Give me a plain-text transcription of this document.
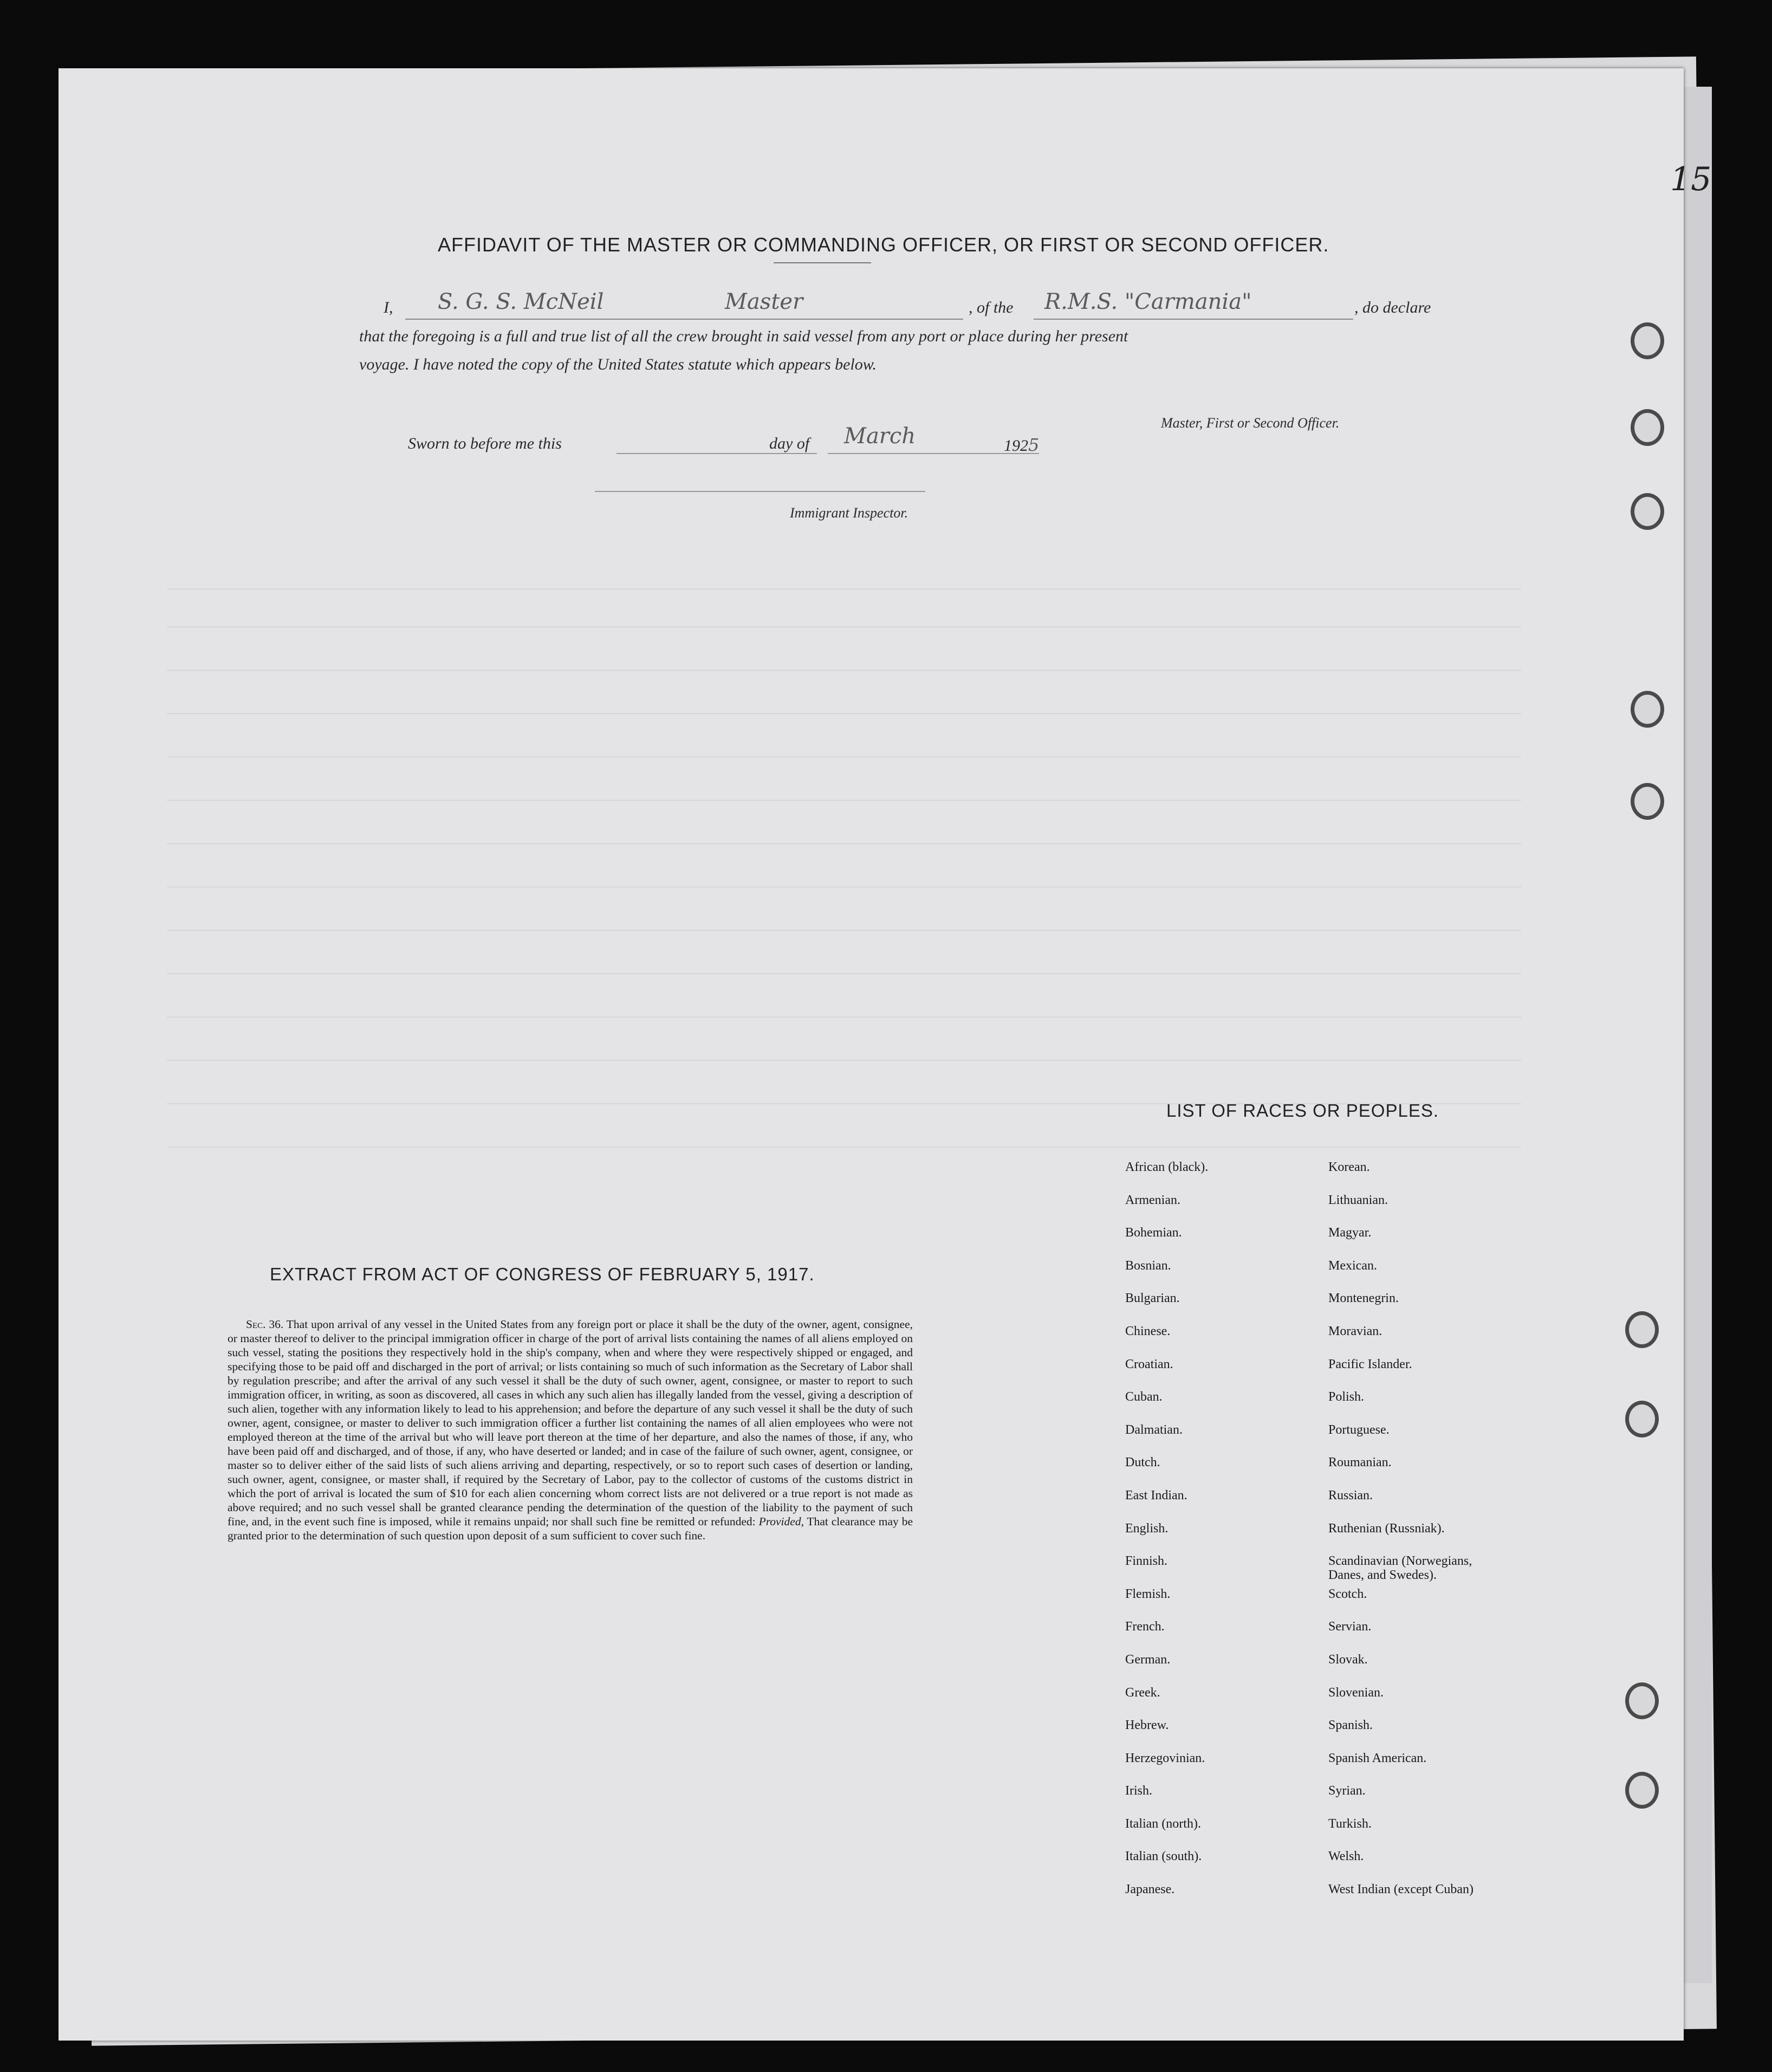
15
AFFIDAVIT OF THE MASTER OR COMMANDING OFFICER, OR FIRST OR SECOND OFFICER.
I,	S. G. S. McNeil	Master	, of the R.M.S. "Carmania"	, do declare
that the foregoing is a full and true list of all the crew brought in said vessel from any port or place during her present
voyage. I have noted the copy of the United States statute which appears below.
Master, First or Second Officer.
Sworn to before me this	day of March	1925
Immigrant Inspector.
EXTRACT FROM ACT OF CONGRESS OF FEBRUARY 5, 1917.
Sec. 36. That upon arrival of any vessel in the United States from any foreign port or place it shall be the duty of the owner, agent, consignee, or master thereof to deliver to the principal immigration officer in charge of the port of arrival lists containing the names of all aliens employed on such vessel, stating the positions they respectively hold in the ship's company, when and where they were respectively shipped or engaged, and specifying those to be paid off and discharged in the port of arrival; or lists containing so much of such information as the Secretary of Labor shall by regulation prescribe; and after the arrival of any such vessel it shall be the duty of such owner, agent, consignee, or master to report to such immigration officer, in writing, as soon as discovered, all cases in which any such alien has illegally landed from the vessel, giving a description of such alien, together with any information likely to lead to his apprehension; and before the departure of any such vessel it shall be the duty of such owner, agent, consignee, or master to deliver to such immigration officer a further list containing the names of all alien employees who were not employed thereon at the time of the arrival but who will leave port thereon at the time of her departure, and also the names of those, if any, who have been paid off and discharged, and of those, if any, who have deserted or landed; and in case of the failure of such owner, agent, consignee, or master so to deliver either of the said lists of such aliens arriving and departing, respectively, or so to report such cases of desertion or landing, such owner, agent, consignee, or master shall, if required by the Secretary of Labor, pay to the collector of customs of the customs district in which the port of arrival is located the sum of $10 for each alien concerning whom correct lists are not delivered or a true report is not made as above required; and no such vessel shall be granted clearance pending the determination of the question of the liability to the payment of such fine, and, in the event such fine is imposed, while it remains unpaid; nor shall such fine be remitted or refunded: Provided, That clearance may be granted prior to the determination of such question upon deposit of a sum sufficient to cover such fine.
LIST OF RACES OR PEOPLES.
African (black).
Armenian.
Bohemian.
Bosnian.
Bulgarian.
Chinese.
Croatian.
Cuban.
Dalmatian.
Dutch.
East Indian.
English.
Finnish.
Flemish.
French.
German.
Greek.
Hebrew.
Herzegovinian.
Irish.
Italian (north).
Italian (south).
Japanese.
Korean.
Lithuanian.
Magyar.
Mexican.
Montenegrin.
Moravian.
Pacific Islander.
Polish.
Portuguese.
Roumanian.
Russian.
Ruthenian (Russniak).
Scandinavian (Norwegians, Danes, and Swedes).
Scotch.
Servian.
Slovak.
Slovenian.
Spanish.
Spanish American.
Syrian.
Turkish.
Welsh.
West Indian (except Cuban)
